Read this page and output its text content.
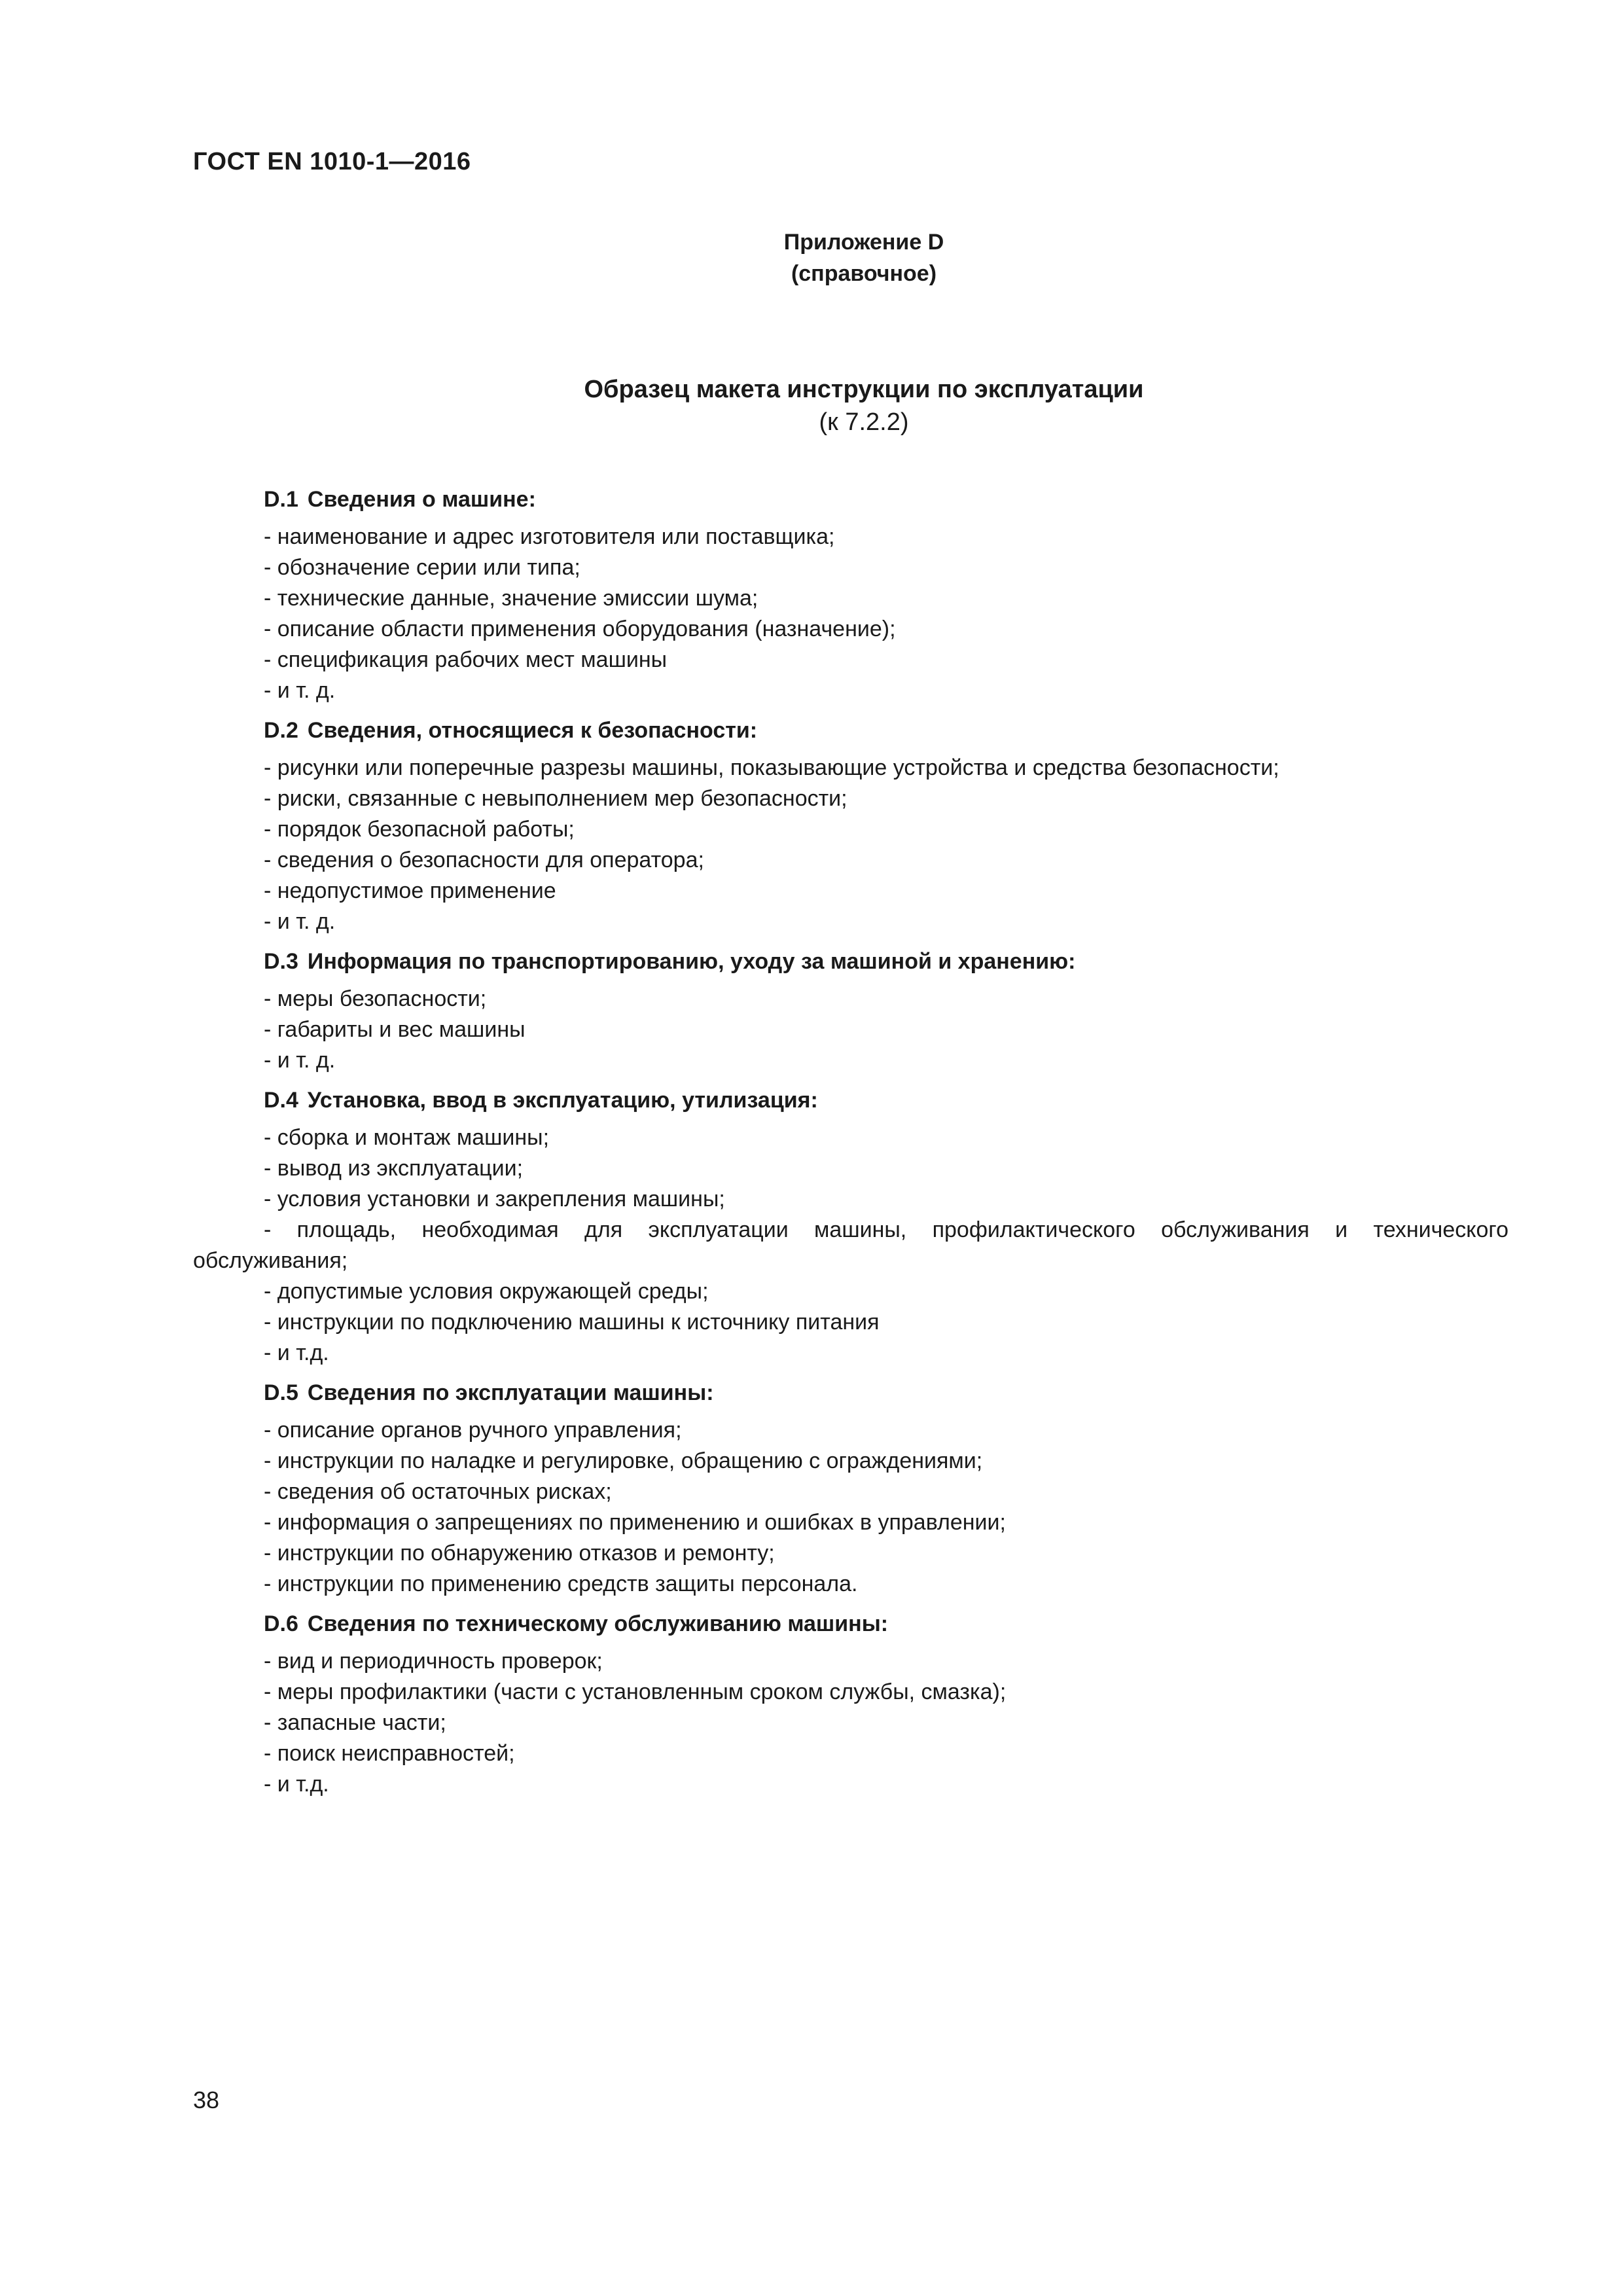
ГОСТ EN 1010-1—2016
Приложение D
(справочное)
Образец макета инструкции по эксплуатации
(к 7.2.2)
D.1 Сведения о машине:
- наименование и адрес изготовителя или поставщика;
- обозначение серии или типа;
- технические данные, значение эмиссии шума;
- описание области применения оборудования (назначение);
- спецификация рабочих мест машины
- и т. д.
D.2 Сведения, относящиеся к безопасности:
- рисунки или поперечные разрезы машины, показывающие устройства и средства безопасности;
- риски, связанные с невыполнением мер безопасности;
- порядок безопасной работы;
- сведения о безопасности для оператора;
- недопустимое применение
- и т. д.
D.3 Информация по транспортированию, уходу за машиной и хранению:
- меры безопасности;
- габариты и вес машины
- и т. д.
D.4 Установка, ввод в эксплуатацию, утилизация:
- сборка и монтаж машины;
- вывод из эксплуатации;
- условия установки и закрепления машины;
- площадь, необходимая для эксплуатации машины, профилактического обслуживания и технического обслуживания;
- допустимые условия окружающей среды;
- инструкции по подключению машины к источнику питания
- и т.д.
D.5 Сведения по эксплуатации машины:
- описание органов ручного управления;
- инструкции по наладке и регулировке, обращению с ограждениями;
- сведения об остаточных рисках;
- информация о запрещениях по применению и ошибках в управлении;
- инструкции по обнаружению отказов и ремонту;
- инструкции по применению средств защиты персонала.
D.6 Сведения по техническому обслуживанию машины:
- вид и периодичность проверок;
- меры профилактики (части с установленным сроком службы, смазка);
- запасные части;
- поиск неисправностей;
- и т.д.
38
